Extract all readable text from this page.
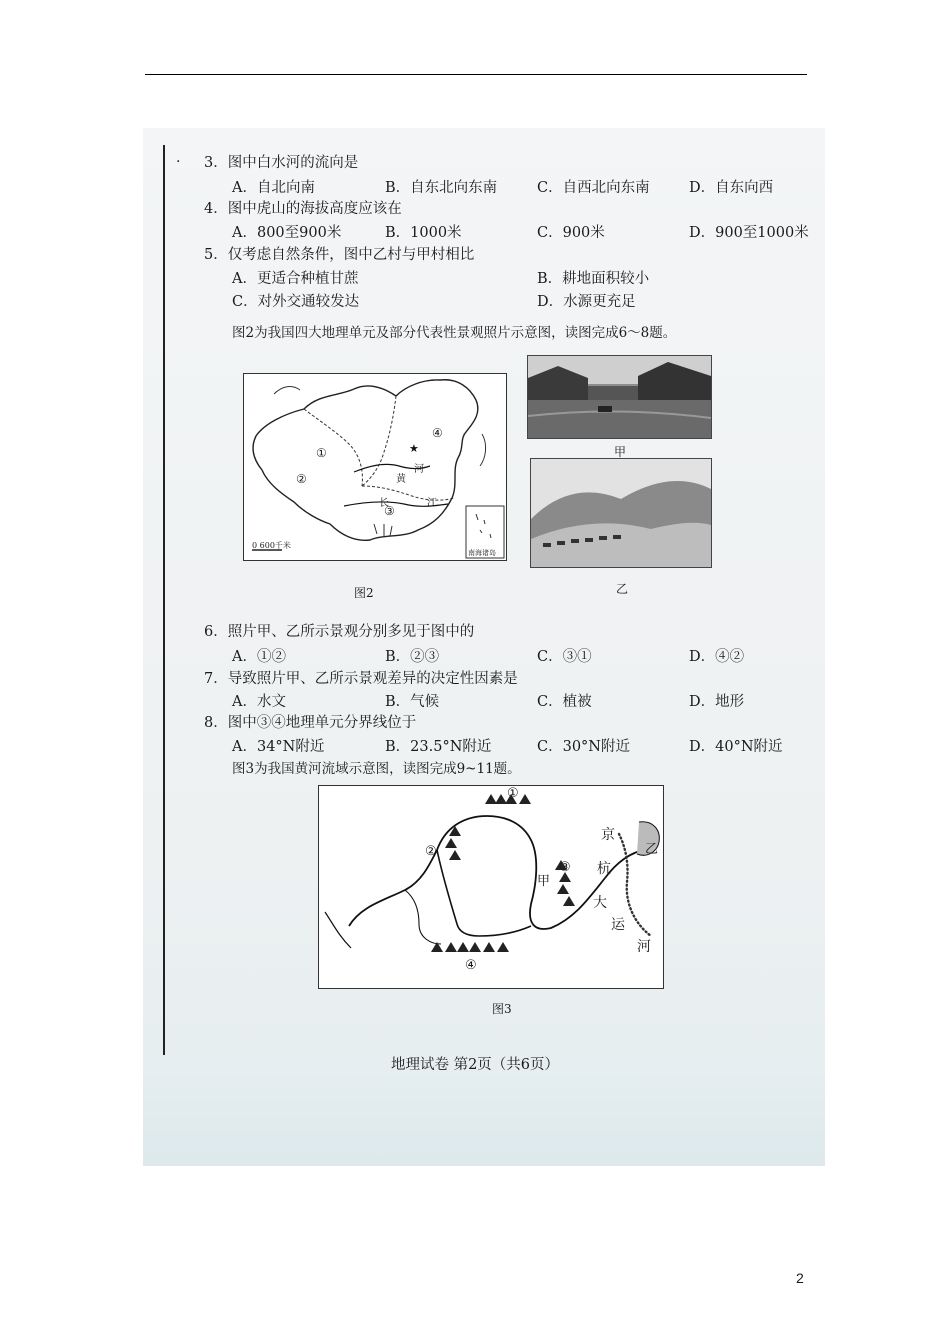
. 3．图中白水河的流向是
A．自北向南	B．自东北向东南	C．自西北向东南	D．自东向西
4．图中虎山的海拔高度应该在
A．800至900米	B．1000米	C．900米	D．900至1000米
5．仅考虑自然条件，图中乙村与甲村相比
A．更适合种植甘蔗	B．耕地面积较小
C．对外交通较发达	D．水源更充足
图2为我国四大地理单元及部分代表性景观照片示意图，读图完成6～8题。
★
①
②
③
④
黄
河
长	江
南海诸岛
0 600千米
甲
乙
图2
6．照片甲、乙所示景观分别多见于图中的
A．①②	B．②③	C．③①	D．④②
7．导致照片甲、乙所示景观差异的决定性因素是
A．水文	B．气候	C．植被	D．地形
8．图中③④地理单元分界线位于
A．34°N附近	B．23.5°N附近	C．30°N附近	D．40°N附近
图3为我国黄河流域示意图，读图完成9~11题。
①
②
③
④
甲
乙
京
杭
大
运
河
图3
地理试卷 第2页（共6页）
2
